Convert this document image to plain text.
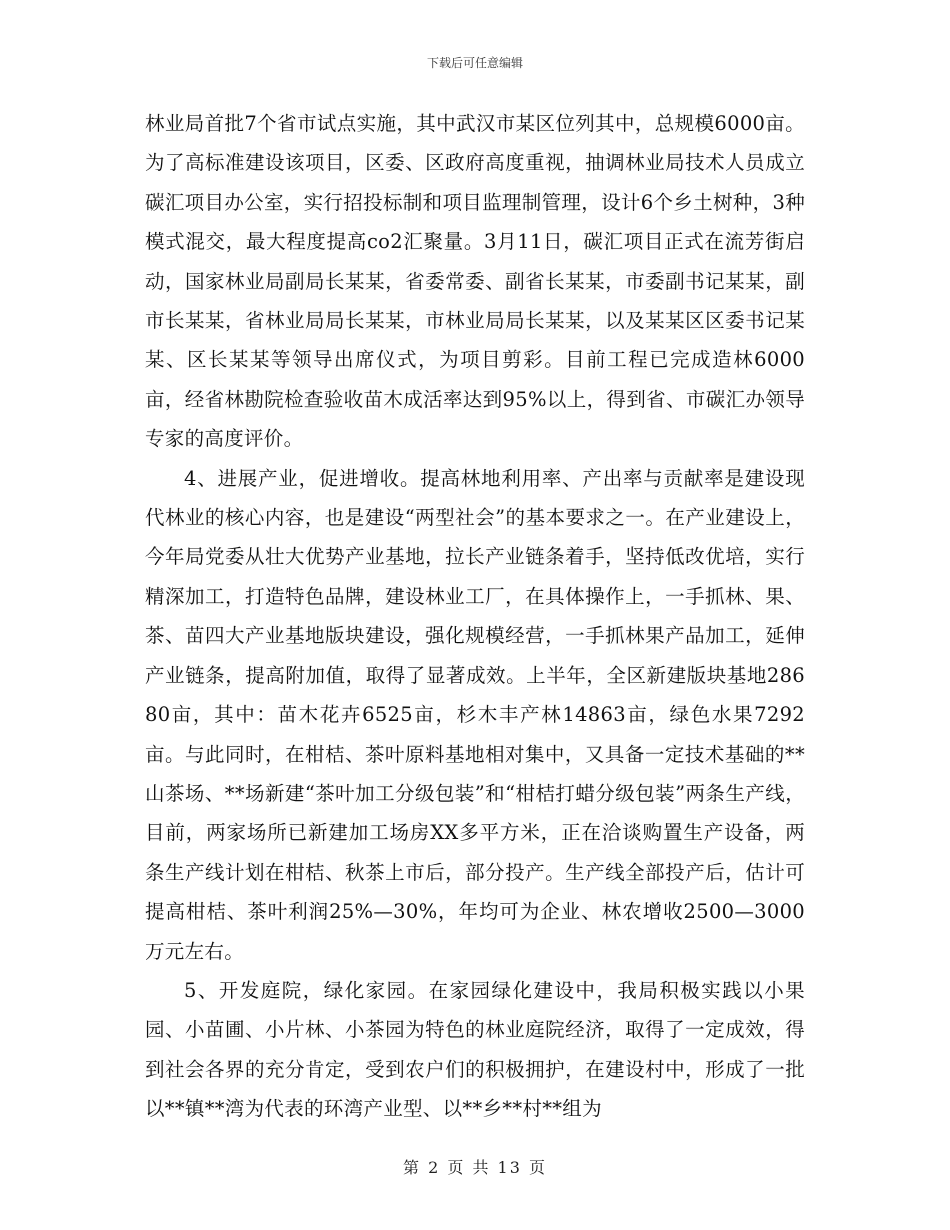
下载后可任意编辑

林业局首批7个省市试点实施，其中武汉市某区位列其中，总规模6000亩。为了高标准建设该项目，区委、区政府高度重视，抽调林业局技术人员成立碳汇项目办公室，实行招投标制和项目监理制管理，设计6个乡土树种，3种模式混交，最大程度提高co2汇聚量。3月11日，碳汇项目正式在流芳街启动，国家林业局副局长某某，省委常委、副省长某某，市委副书记某某，副市长某某，省林业局局长某某，市林业局局长某某，以及某某区区委书记某某、区长某某等领导出席仪式，为项目剪彩。目前工程已完成造林6000亩，经省林勘院检查验收苗木成活率达到95%以上，得到省、市碳汇办领导专家的高度评价。

4、进展产业，促进增收。提高林地利用率、产出率与贡献率是建设现代林业的核心内容，也是建设“两型社会”的基本要求之一。在产业建设上，今年局党委从壮大优势产业基地，拉长产业链条着手，坚持低改优培，实行精深加工，打造特色品牌，建设林业工厂，在具体操作上，一手抓林、果、茶、苗四大产业基地版块建设，强化规模经营，一手抓林果产品加工，延伸产业链条，提高附加值，取得了显著成效。上半年，全区新建版块基地28680亩，其中：苗木花卉6525亩，杉木丰产林14863亩，绿色水果7292亩。与此同时，在柑桔、茶叶原料基地相对集中，又具备一定技术基础的**山茶场、**场新建“茶叶加工分级包装”和“柑桔打蜡分级包装”两条生产线，目前，两家场所已新建加工场房XX多平方米，正在洽谈购置生产设备，两条生产线计划在柑桔、秋茶上市后，部分投产。生产线全部投产后，估计可提高柑桔、茶叶利润25%—30%，年均可为企业、林农增收2500—3000万元左右。

5、开发庭院，绿化家园。在家园绿化建设中，我局积极实践以小果园、小苗圃、小片林、小茶园为特色的林业庭院经济，取得了一定成效，得到社会各界的充分肯定，受到农户们的积极拥护，在建设村中，形成了一批以**镇**湾为代表的环湾产业型、以**乡**村**组为

第 2 页 共 13 页
